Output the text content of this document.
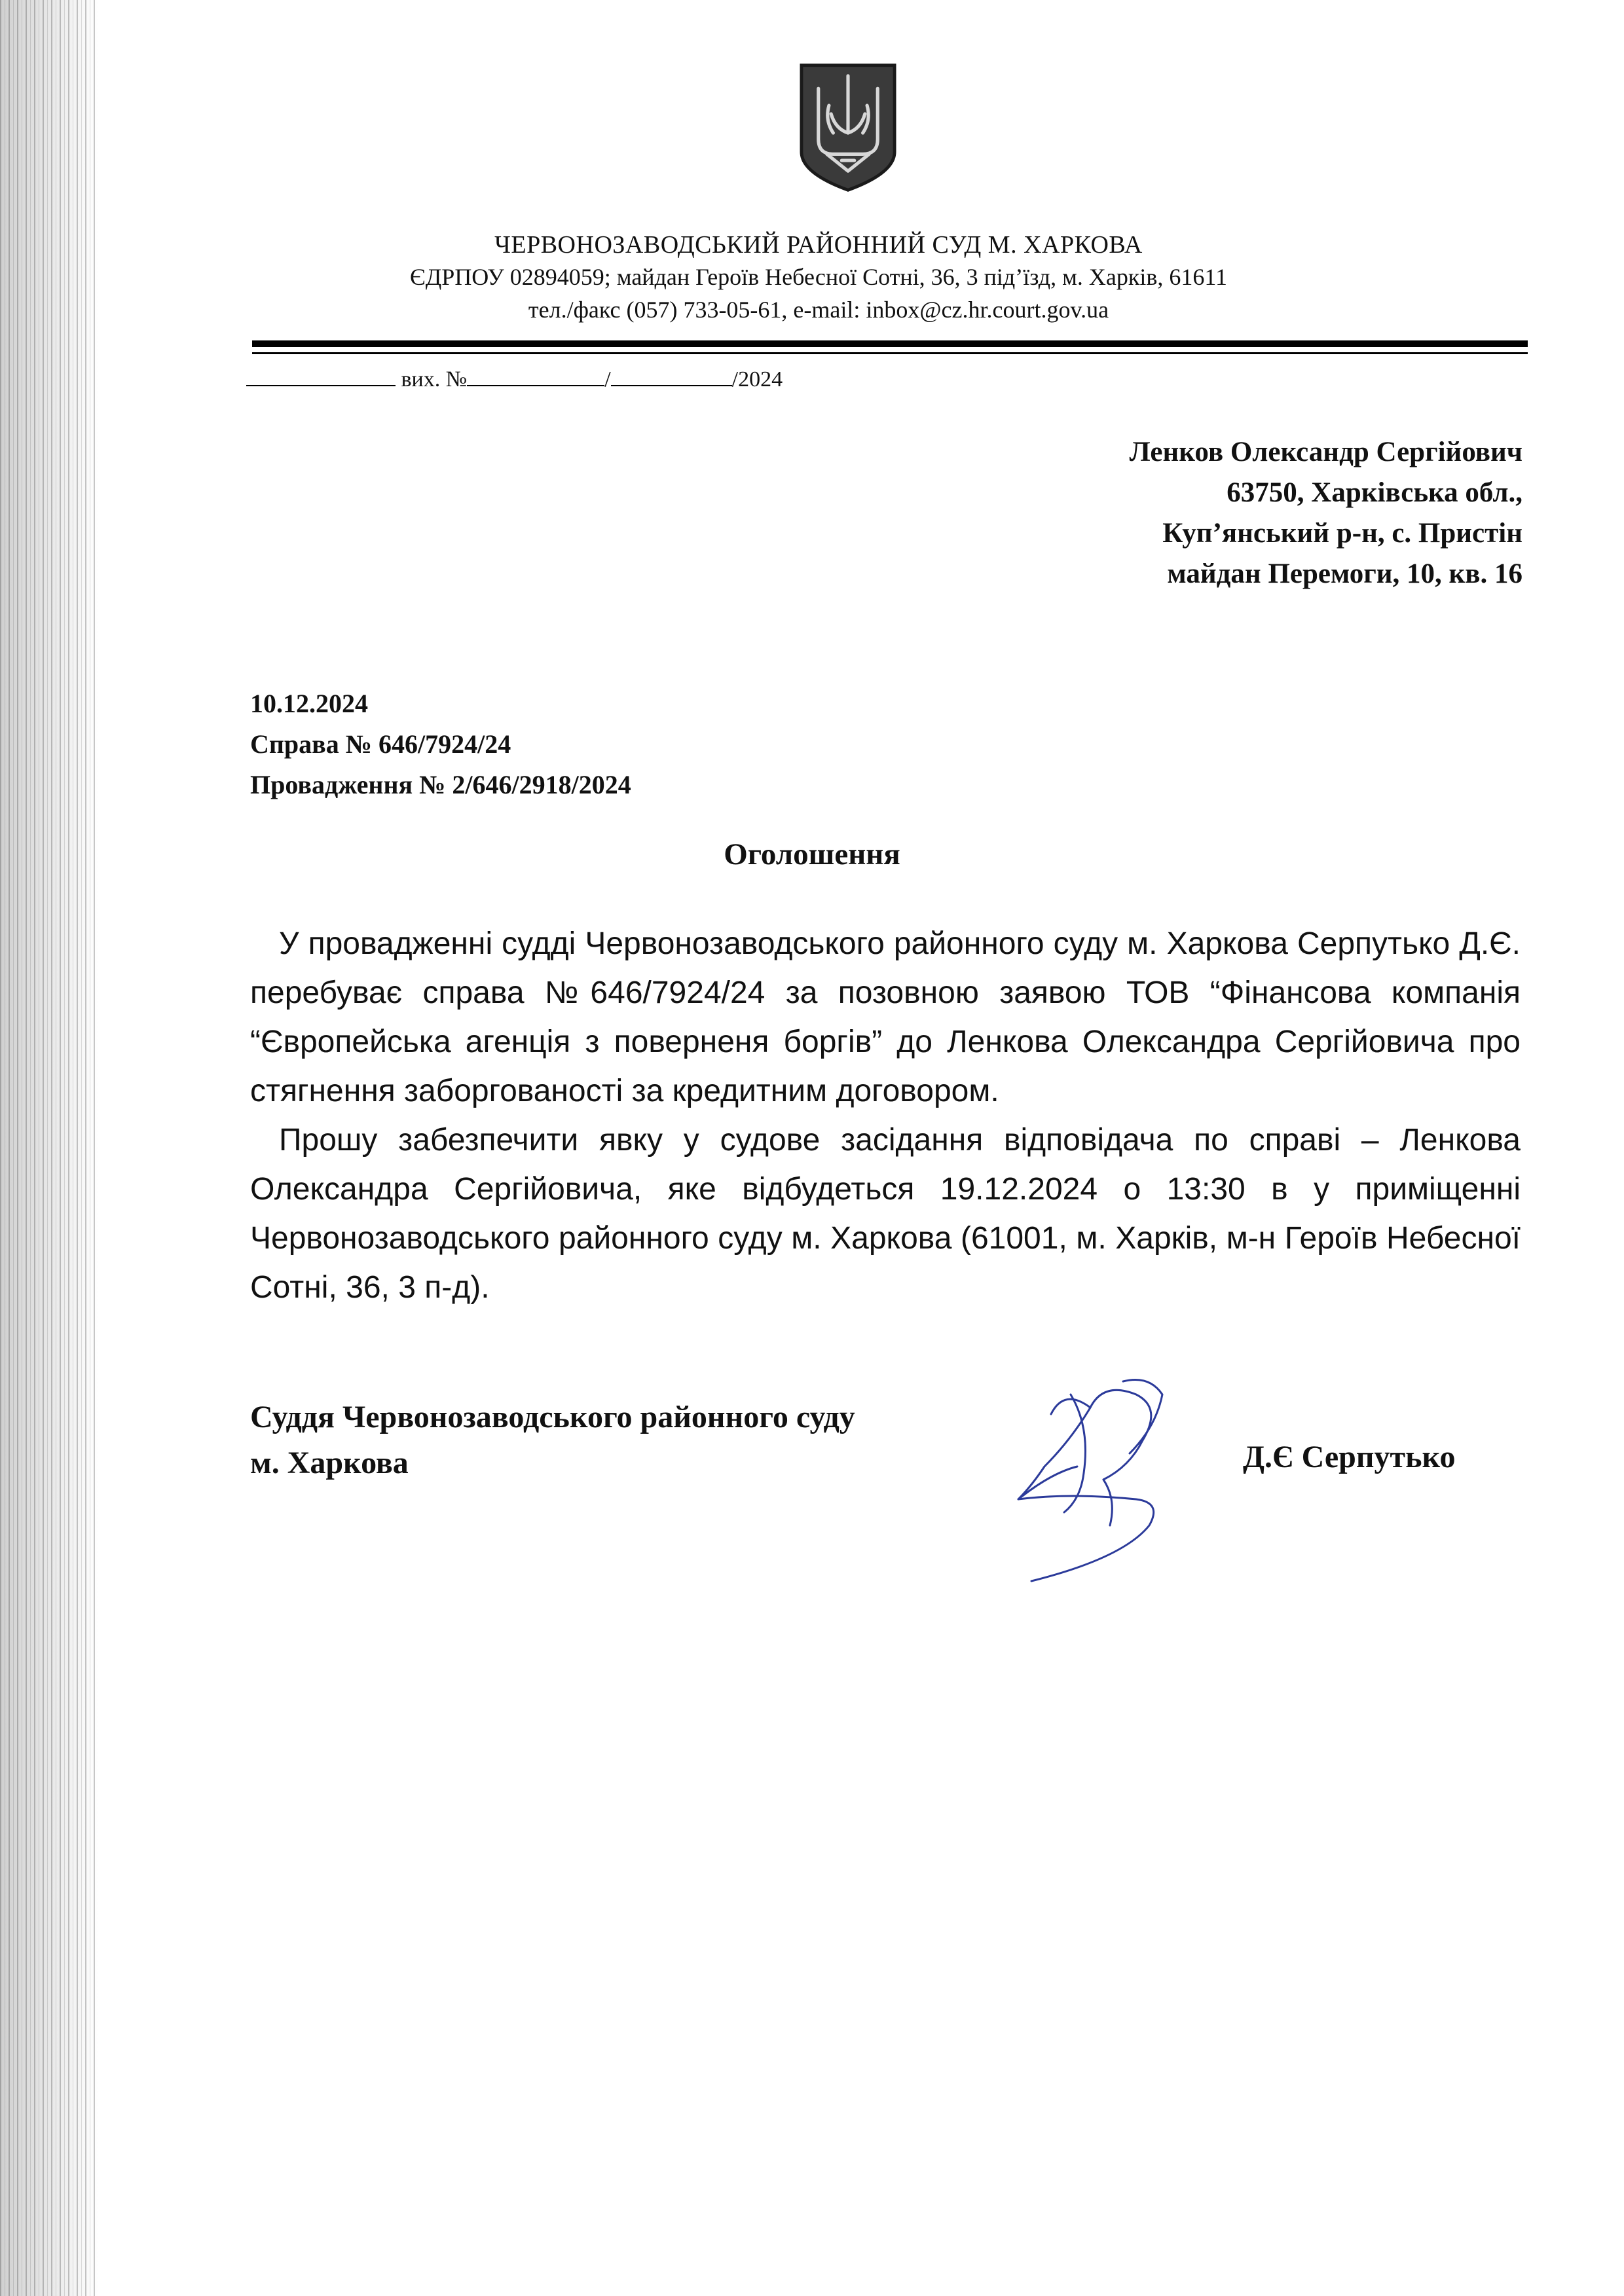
ЧЕРВОНОЗАВОДСЬКИЙ РАЙОННИЙ СУД М. ХАРКОВА
ЄДРПОУ 02894059; майдан Героїв Небесної Сотні, 36, 3 під’їзд, м. Харків, 61611
тел./факс (057) 733-05-61, e-mail: inbox@cz.hr.court.gov.ua
вих. №	/	/2024
Ленков Олександр Сергійович
63750, Харківська обл.,
Куп’янський р-н, с. Пристін
майдан Перемоги, 10, кв. 16
10.12.2024
Справа № 646/7924/24
Провадження № 2/646/2918/2024
Оголошення

У провадженні судді Червонозаводського районного суду м. Харкова Серпутько Д.Є. перебуває справа №646/7924/24 за позовною заявою ТОВ “Фінансова компанія “Європейська агенція з поверненя боргів” до Ленкова Олександра Сергійовича про стягнення заборгованості за кредитним договором.

Прошу забезпечити явку у судове засідання відповідача по справі – Ленкова Олександра Сергійовича, яке відбудеться 19.12.2024 о 13:30 в у приміщенні Червонозаводського районного суду м. Харкова (61001, м. Харків, м-н Героїв Небесної Сотні, 36, 3 п-д).

Суддя Червонозаводського районного суду
м. Харкова	Д.Є Серпутько
